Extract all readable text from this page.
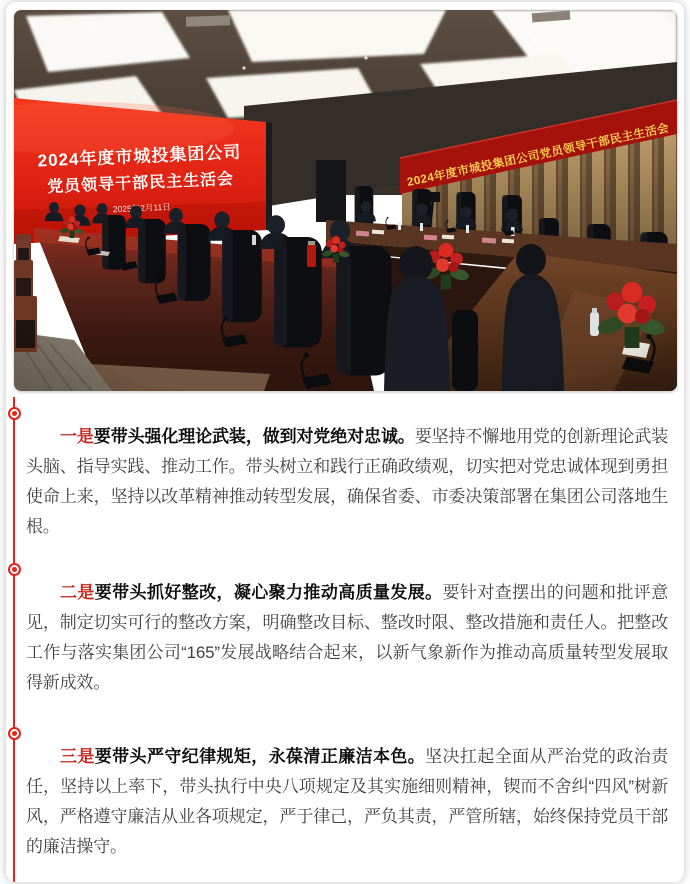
一是要带头强化理论武装，做到对党绝对忠诚。要坚持不懈地用党的创新理论武装头脑、指导实践、推动工作。带头树立和践行正确政绩观，切实把对党忠诚体现到勇担使命上来，坚持以改革精神推动转型发展，确保省委、市委决策部署在集团公司落地生根。

二是要带头抓好整改，凝心聚力推动高质量发展。要针对查摆出的问题和批评意见，制定切实可行的整改方案，明确整改目标、整改时限、整改措施和责任人。把整改工作与落实集团公司“165”发展战略结合起来，以新气象新作为推动高质量转型发展取得新成效。

三是要带头严守纪律规矩，永葆清正廉洁本色。坚决扛起全面从严治党的政治责任，坚持以上率下，带头执行中央八项规定及其实施细则精神，锲而不舍纠“四风”树新风，严格遵守廉洁从业各项规定，严于律己，严负其责，严管所辖，始终保持党员干部的廉洁操守。
